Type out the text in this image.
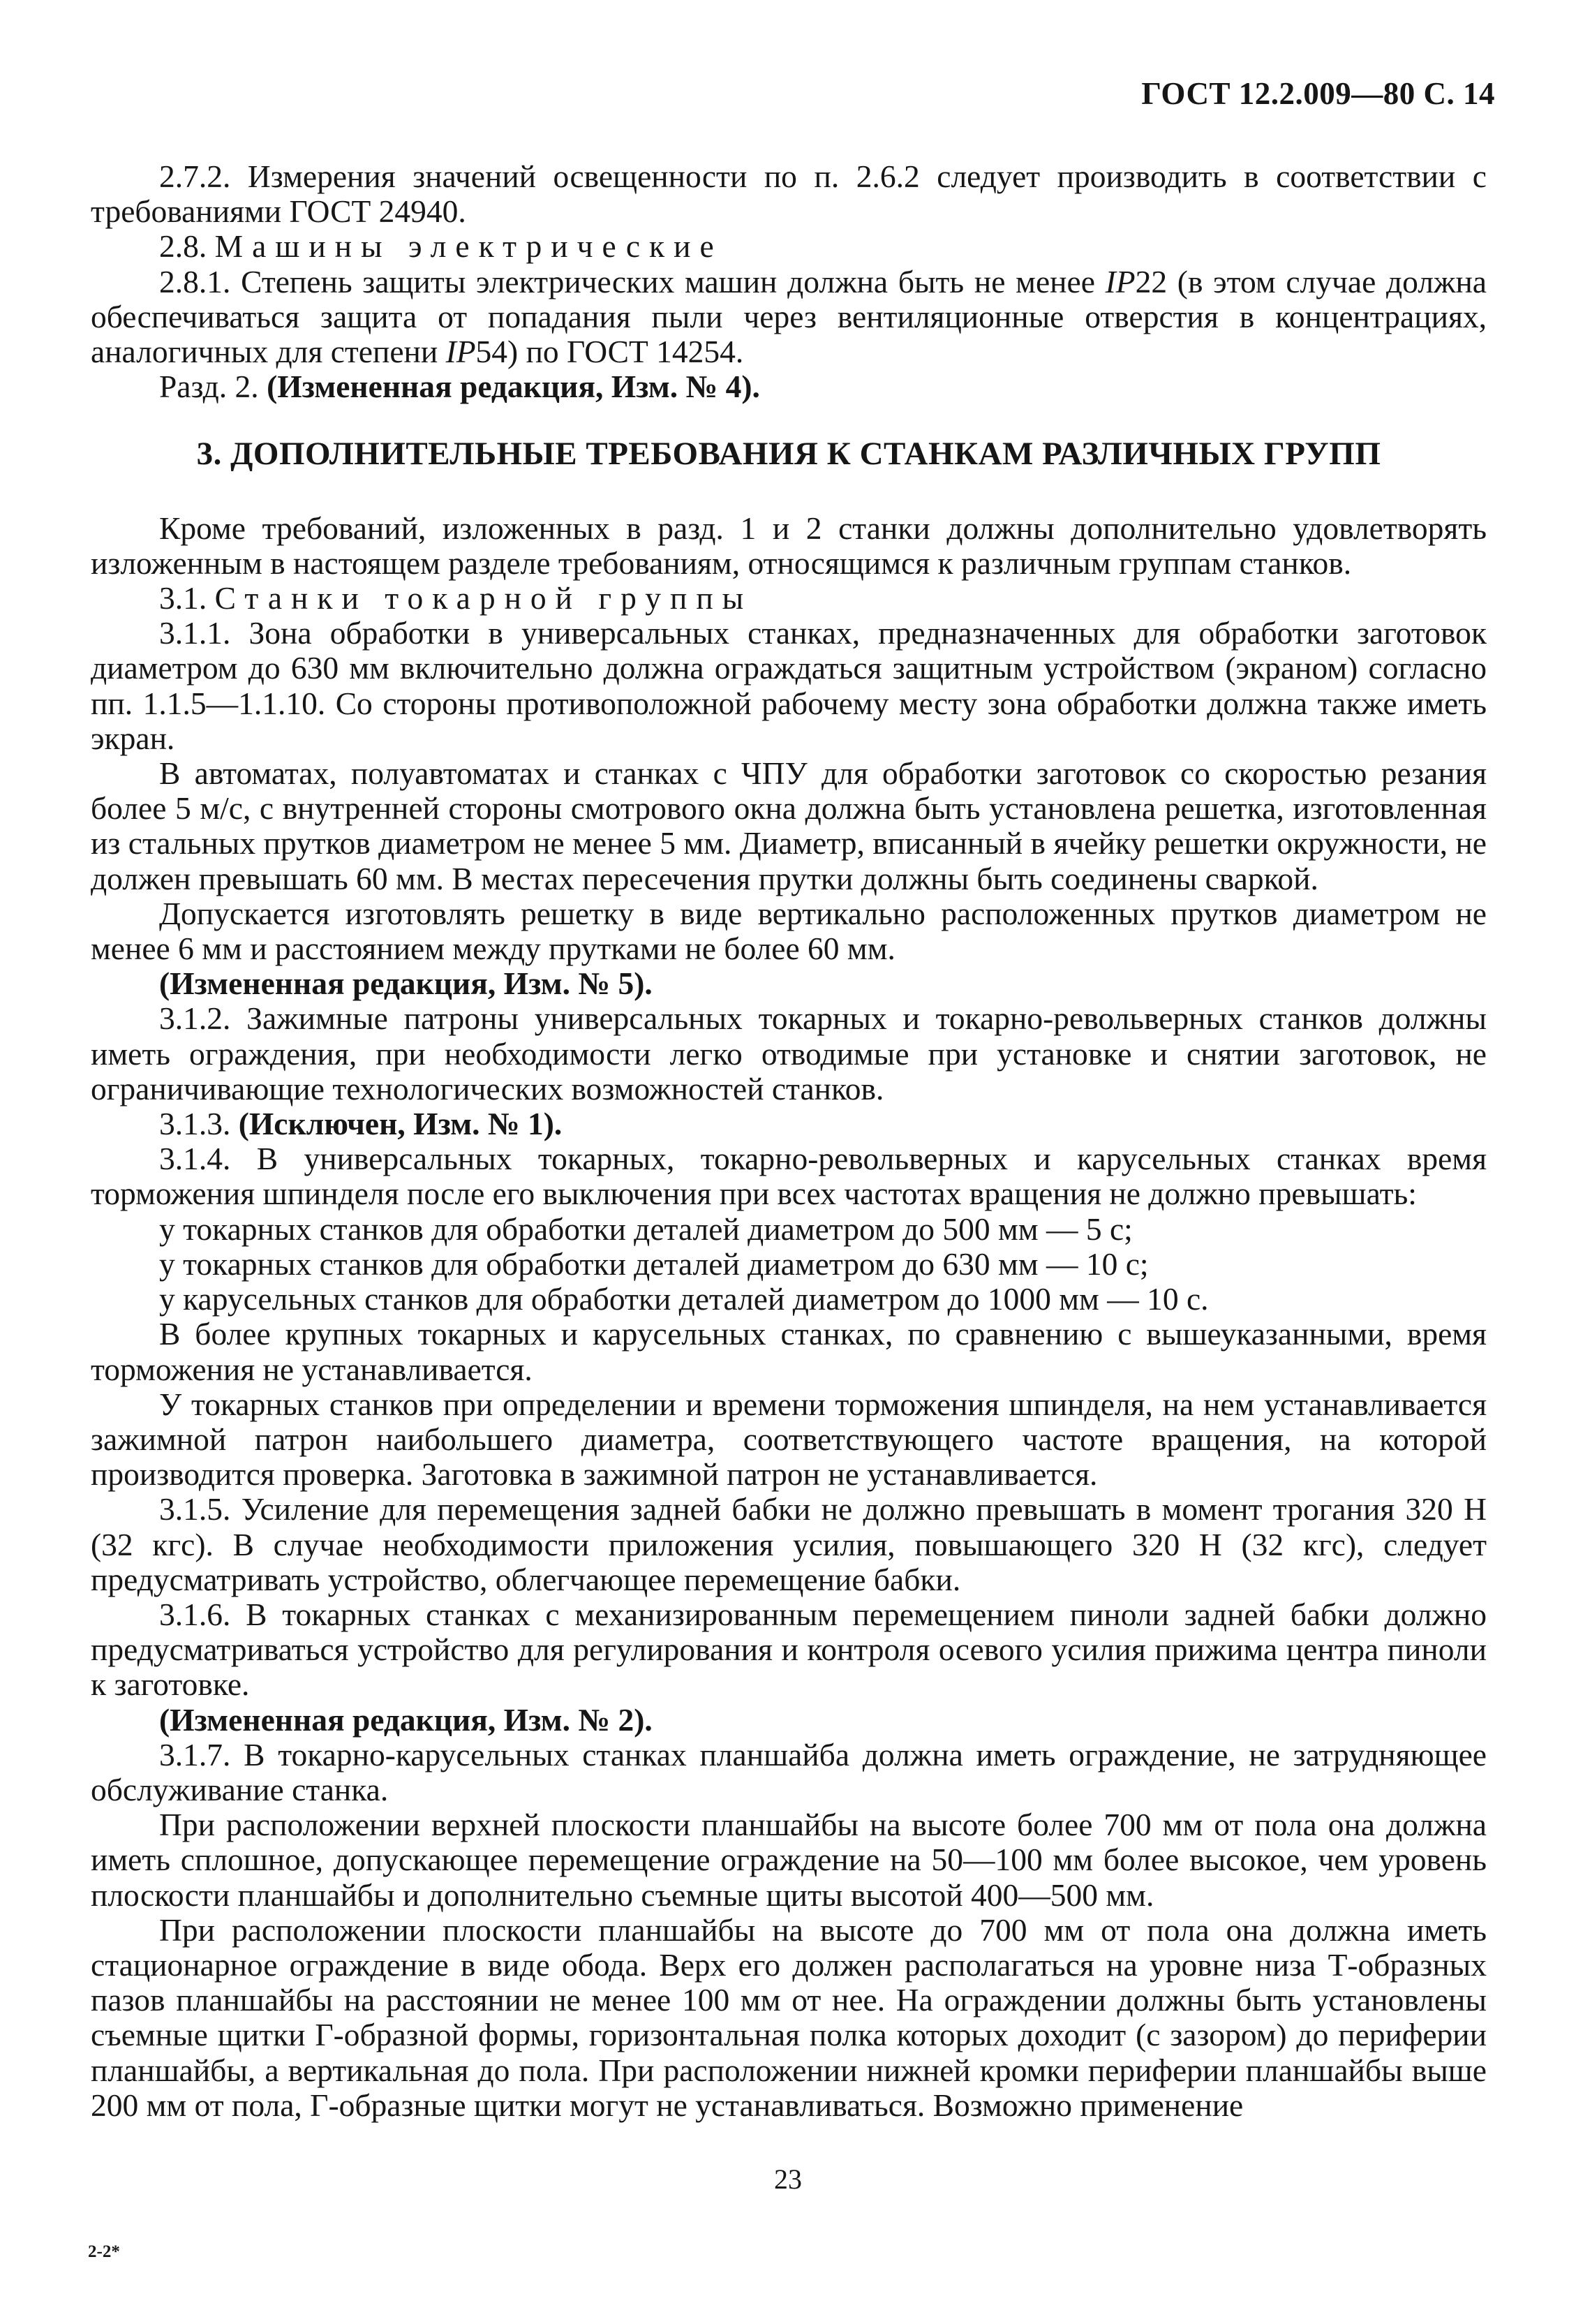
ГОСТ 12.2.009—80 С. 14

2.7.2. Измерения значений освещенности по п. 2.6.2 следует производить в соответствии с требованиями ГОСТ 24940.

2.8. Машины электрические

2.8.1. Степень защиты электрических машин должна быть не менее IP22 (в этом случае должна обеспечиваться защита от попадания пыли через вентиляционные отверстия в концентрациях, аналогичных для степени IP54) по ГОСТ 14254.

Разд. 2. (Измененная редакция, Изм. № 4).

3. ДОПОЛНИТЕЛЬНЫЕ ТРЕБОВАНИЯ К СТАНКАМ РАЗЛИЧНЫХ ГРУПП

Кроме требований, изложенных в разд. 1 и 2 станки должны дополнительно удовлетворять изложенным в настоящем разделе требованиям, относящимся к различным группам станков.

3.1. Станки токарной группы

3.1.1. Зона обработки в универсальных станках, предназначенных для обработки заготовок диаметром до 630 мм включительно должна ограждаться защитным устройством (экраном) согласно пп. 1.1.5—1.1.10. Со стороны противоположной рабочему месту зона обработки должна также иметь экран.

В автоматах, полуавтоматах и станках с ЧПУ для обработки заготовок со скоростью резания более 5 м/с, с внутренней стороны смотрового окна должна быть установлена решетка, изготовленная из стальных прутков диаметром не менее 5 мм. Диаметр, вписанный в ячейку решетки окружности, не должен превышать 60 мм. В местах пересечения прутки должны быть соединены сваркой.

Допускается изготовлять решетку в виде вертикально расположенных прутков диаметром не менее 6 мм и расстоянием между прутками не более 60 мм.

(Измененная редакция, Изм. № 5).

3.1.2. Зажимные патроны универсальных токарных и токарно-револьверных станков должны иметь ограждения, при необходимости легко отводимые при установке и снятии заготовок, не ограничивающие технологических возможностей станков.

3.1.3. (Исключен, Изм. № 1).

3.1.4. В универсальных токарных, токарно-револьверных и карусельных станках время торможения шпинделя после его выключения при всех частотах вращения не должно превышать:

у токарных станков для обработки деталей диаметром до 500 мм — 5 с;

у токарных станков для обработки деталей диаметром до 630 мм — 10 с;

у карусельных станков для обработки деталей диаметром до 1000 мм — 10 с.

В более крупных токарных и карусельных станках, по сравнению с вышеуказанными, время торможения не устанавливается.

У токарных станков при определении и времени торможения шпинделя, на нем устанавливается зажимной патрон наибольшего диаметра, соответствующего частоте вращения, на которой производится проверка. Заготовка в зажимной патрон не устанавливается.

3.1.5. Усиление для перемещения задней бабки не должно превышать в момент трогания 320 Н (32 кгс). В случае необходимости приложения усилия, повышающего 320 Н (32 кгс), следует предусматривать устройство, облегчающее перемещение бабки.

3.1.6. В токарных станках с механизированным перемещением пиноли задней бабки должно предусматриваться устройство для регулирования и контроля осевого усилия прижима центра пиноли к заготовке.

(Измененная редакция, Изм. № 2).

3.1.7. В токарно-карусельных станках планшайба должна иметь ограждение, не затрудняющее обслуживание станка.

При расположении верхней плоскости планшайбы на высоте более 700 мм от пола она должна иметь сплошное, допускающее перемещение ограждение на 50—100 мм более высокое, чем уровень плоскости планшайбы и дополнительно съемные щиты высотой 400—500 мм.

При расположении плоскости планшайбы на высоте до 700 мм от пола она должна иметь стационарное ограждение в виде обода. Верх его должен располагаться на уровне низа Т-образных пазов планшайбы на расстоянии не менее 100 мм от нее. На ограждении должны быть установлены съемные щитки Г-образной формы, горизонтальная полка которых доходит (с зазором) до периферии планшайбы, а вертикальная до пола. При расположении нижней кромки периферии планшайбы выше 200 мм от пола, Г-образные щитки могут не устанавливаться. Возможно применение

23
2-2*
